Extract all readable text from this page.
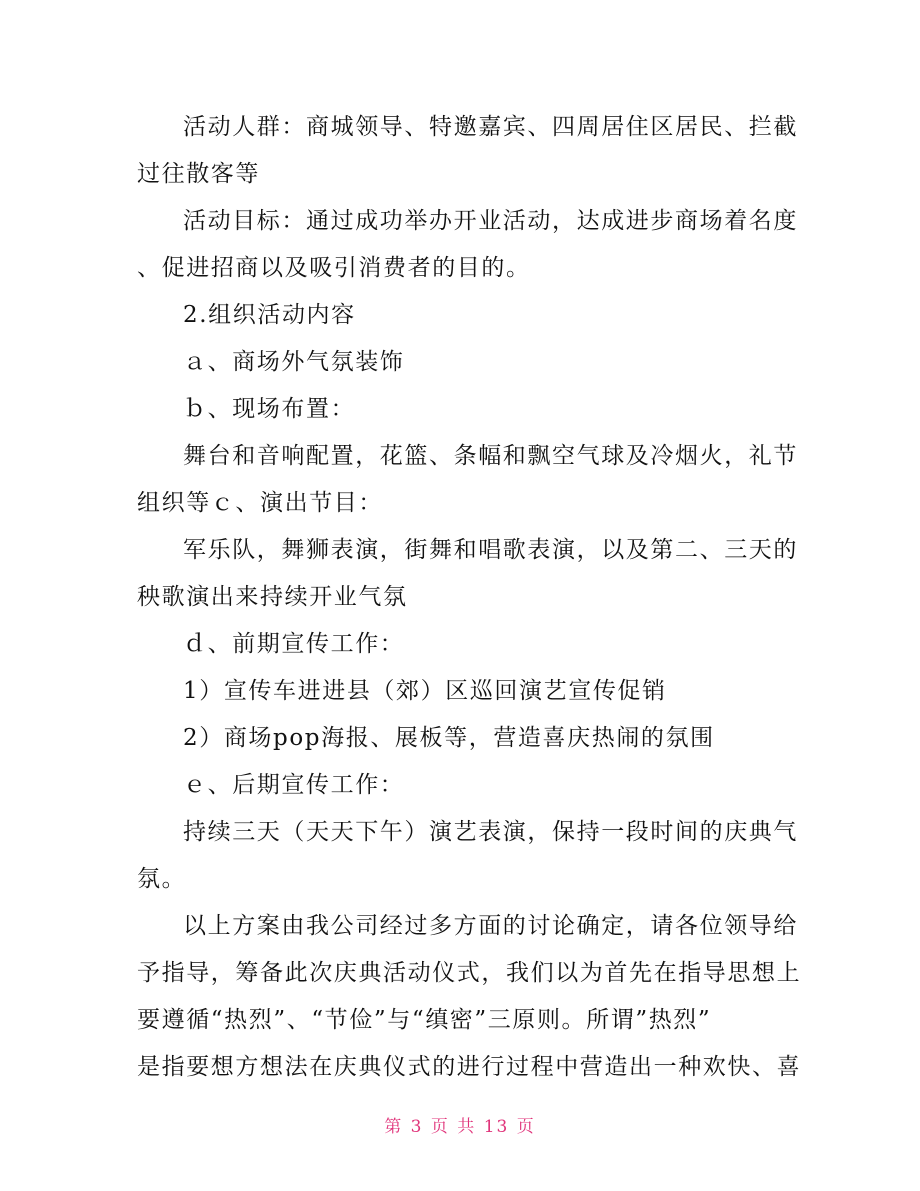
活动人群：商城领导、特邀嘉宾、四周居住区居民、拦截

过往散客等

活动目标：通过成功举办开业活动，达成进步商场着名度

、促进招商以及吸引消费者的目的。

2.组织活动内容

ａ、商场外气氛装饰

ｂ、现场布置：

舞台和音响配置，花篮、条幅和飘空气球及冷烟火，礼节

组织等ｃ、演出节目：

军乐队，舞狮表演，街舞和唱歌表演，以及第二、三天的

秧歌演出来持续开业气氛

ｄ、前期宣传工作：

1）宣传车进进县（郊）区巡回演艺宣传促销

2）商场pop海报、展板等，营造喜庆热闹的氛围

ｅ、后期宣传工作：

持续三天（天天下午）演艺表演，保持一段时间的庆典气

氛。

以上方案由我公司经过多方面的讨论确定，请各位领导给

予指导，筹备此次庆典活动仪式，我们以为首先在指导思想上

要遵循“热烈”、“节俭”与“缜密”三原则。所谓”热烈”

是指要想方想法在庆典仪式的进行过程中营造出一种欢快、喜

第 3 页 共 13 页
